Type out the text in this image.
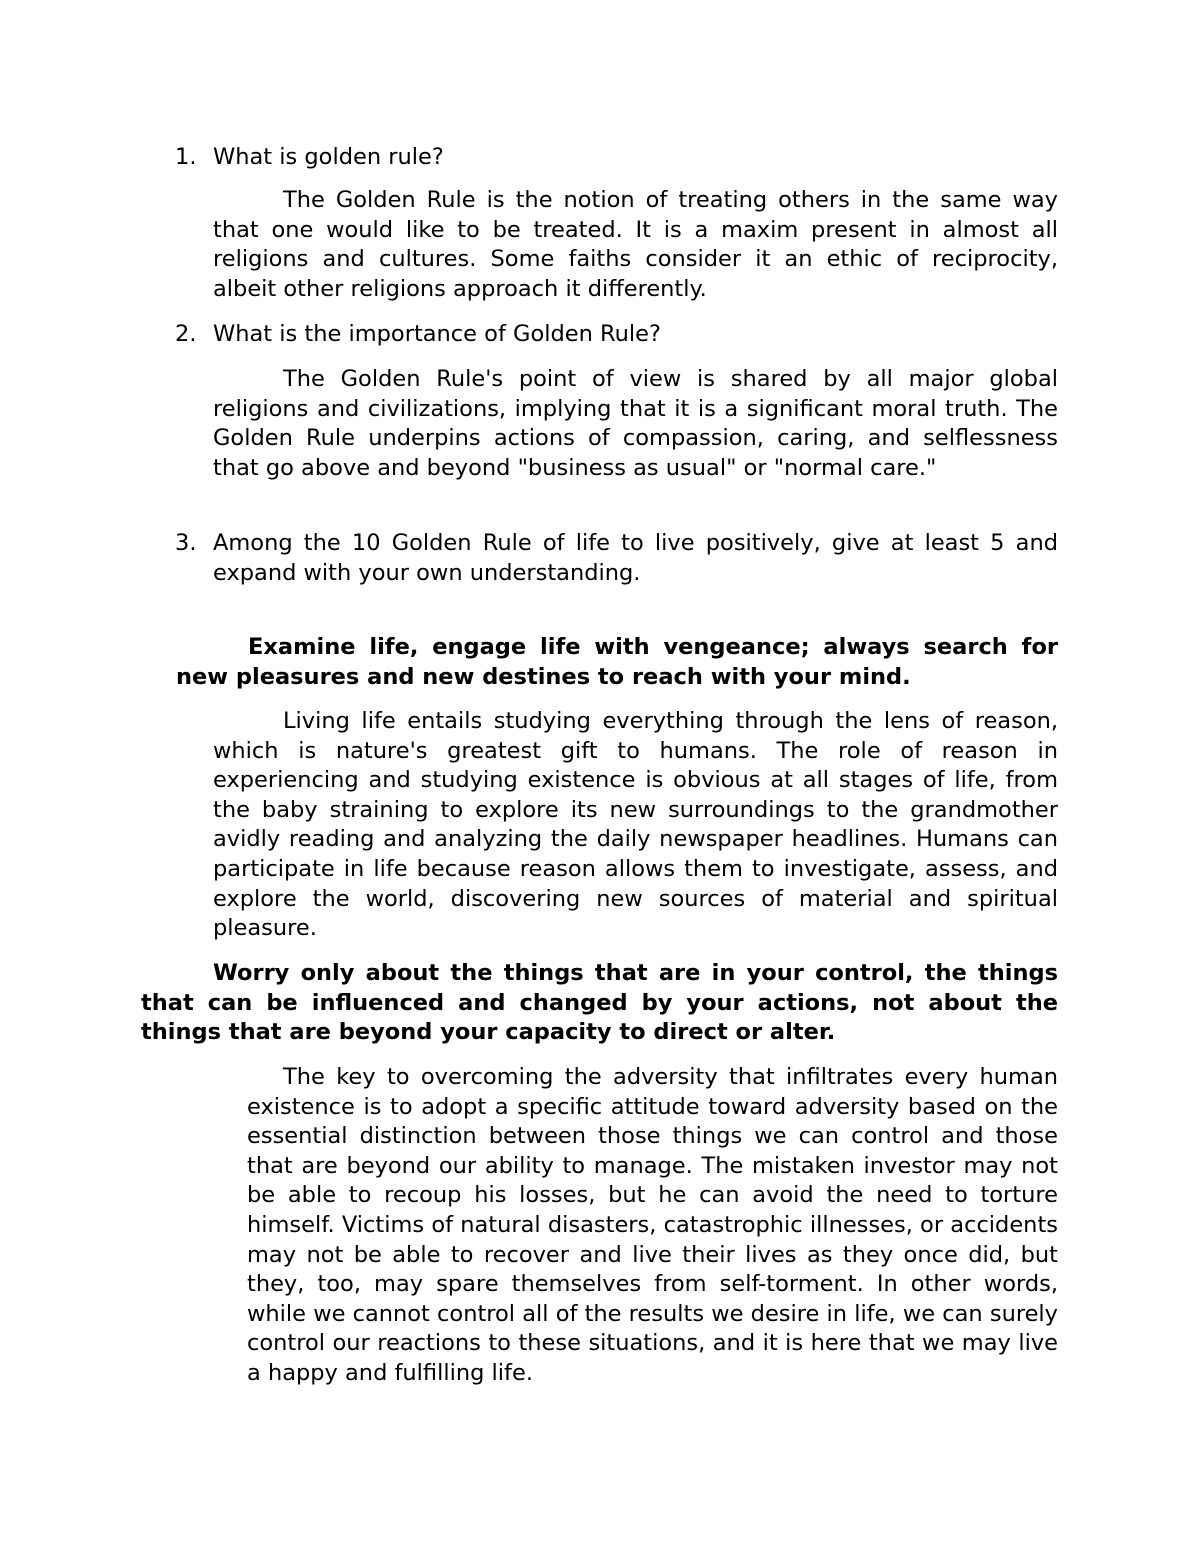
1. What is golden rule?

The Golden Rule is the notion of treating others in the same way that one would like to be treated. It is a maxim present in almost all religions and cultures. Some faiths consider it an ethic of reciprocity, albeit other religions approach it differently.

2. What is the importance of Golden Rule?

The Golden Rule's point of view is shared by all major global religions and civilizations, implying that it is a significant moral truth. The Golden Rule underpins actions of compassion, caring, and selflessness that go above and beyond "business as usual" or "normal care."

3. Among the 10 Golden Rule of life to live positively, give at least 5 and expand with your own understanding.

Examine life, engage life with vengeance; always search for new pleasures and new destines to reach with your mind.

Living life entails studying everything through the lens of reason, which is nature's greatest gift to humans. The role of reason in experiencing and studying existence is obvious at all stages of life, from the baby straining to explore its new surroundings to the grandmother avidly reading and analyzing the daily newspaper headlines. Humans can participate in life because reason allows them to investigate, assess, and explore the world, discovering new sources of material and spiritual pleasure.

Worry only about the things that are in your control, the things that can be influenced and changed by your actions, not about the things that are beyond your capacity to direct or alter.

The key to overcoming the adversity that infiltrates every human existence is to adopt a specific attitude toward adversity based on the essential distinction between those things we can control and those that are beyond our ability to manage. The mistaken investor may not be able to recoup his losses, but he can avoid the need to torture himself. Victims of natural disasters, catastrophic illnesses, or accidents may not be able to recover and live their lives as they once did, but they, too, may spare themselves from self-torment. In other words, while we cannot control all of the results we desire in life, we can surely control our reactions to these situations, and it is here that we may live a happy and fulfilling life.
